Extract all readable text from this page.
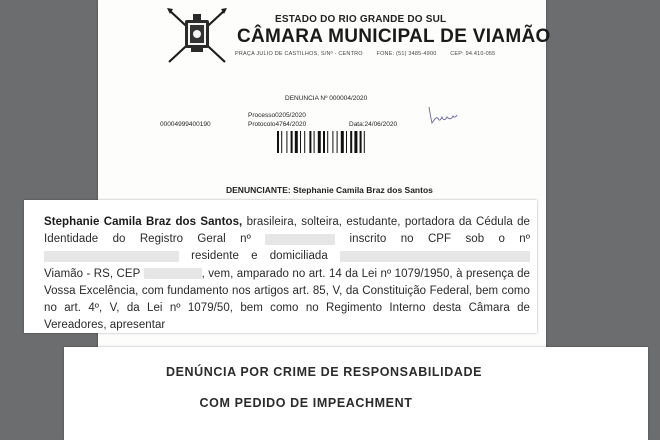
ESTADO DO RIO GRANDE DO SUL
CÂMARA MUNICIPAL DE VIAMÃO
PRAÇA JULIO DE CASTILHOS, S/Nº - CENTRO FONE: (51) 3485-4900 CEP: 94.410-055
DENUNCIA Nº 000004/2020
00004999400190
Processo0205/2020
Protocolo4764/2020	Data:24/06/2020
DENUNCIANTE: Stephanie Camila Braz dos Santos

Stephanie Camila Braz dos Santos, brasileira, solteira, estudante, portadora da Cédula de Identidade do Registro Geral nº	inscrito no CPF sob o nº  residente e domiciliada  Viamão - RS, CEP	, vem, amparado no art. 14 da Lei nº 1079/1950, à presença de Vossa Excelência, com fundamento nos artigos art. 85, V, da Constituição Federal, bem como no art. 4º, V, da Lei nº 1079/50, bem como no Regimento Interno desta Câmara de Vereadores, apresentar

DENÚNCIA POR CRIME DE RESPONSABILIDADE
COM PEDIDO DE IMPEACHMENT
